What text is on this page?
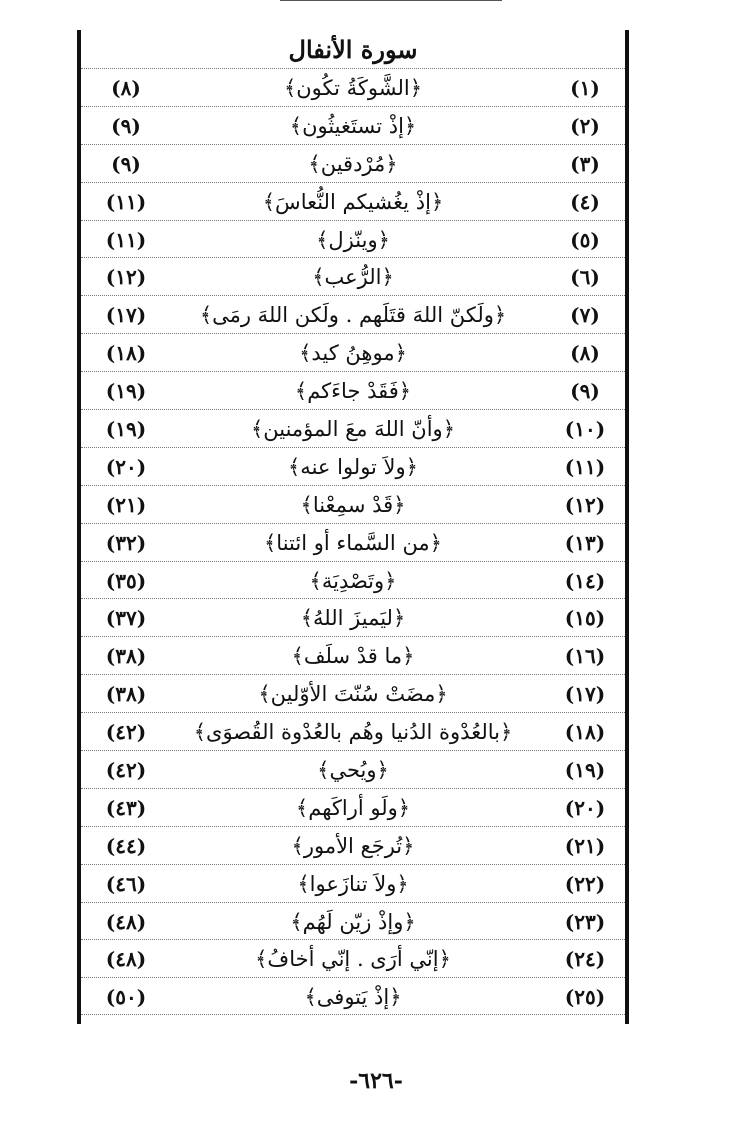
سورة الأنفال
(١)
﴿الشَّوكَةُ تكُون﴾
(٨)
(٢)
﴿إذْ تستَغيثُون﴾
(٩)
(٣)
﴿مُرْدقين﴾
(٩)
(٤)
﴿إذْ يغُشيكم النُّعاسَ﴾
(١١)
(٥)
﴿وينّزل﴾
(١١)
(٦)
﴿الرُّعب﴾
(١٢)
(٧)
﴿ولَكنّ اللهَ قتَلَهم . ولَكن اللهَ رمَى﴾
(١٧)
(٨)
﴿موهِنُ كيد﴾
(١٨)
(٩)
﴿فَقَدْ جاءَكم﴾
(١٩)
(١٠)
﴿وأنّ اللهَ معَ المؤمنين﴾
(١٩)
(١١)
﴿ولاَ تولوا عنه﴾
(٢٠)
(١٢)
﴿قَدْ سمِعْنا﴾
(٢١)
(١٣)
﴿من السَّماء أو ائتنا﴾
(٣٢)
(١٤)
﴿وتَصْدِيَة﴾
(٣٥)
(١٥)
﴿ليَميزَ اللهُ﴾
(٣٧)
(١٦)
﴿ما قدْ سلَف﴾
(٣٨)
(١٧)
﴿مضَتْ سُنّتَ الأوّلين﴾
(٣٨)
(١٨)
﴿بالعُدْوة الدُنيا وهُم بالعُدْوة القُصوَى﴾
(٤٢)
(١٩)
﴿ويُحي﴾
(٤٢)
(٢٠)
﴿ولَو أراكَهم﴾
(٤٣)
(٢١)
﴿تُرجَع الأمور﴾
(٤٤)
(٢٢)
﴿ولاَ تنازَعوا﴾
(٤٦)
(٢٣)
﴿وإذْ زيّن لَهُم﴾
(٤٨)
(٢٤)
﴿إنّي أرَى . إنّي أخافُ﴾
(٤٨)
(٢٥)
﴿إذْ يَتوفى﴾
(٥٠)
-٦٢٦-
